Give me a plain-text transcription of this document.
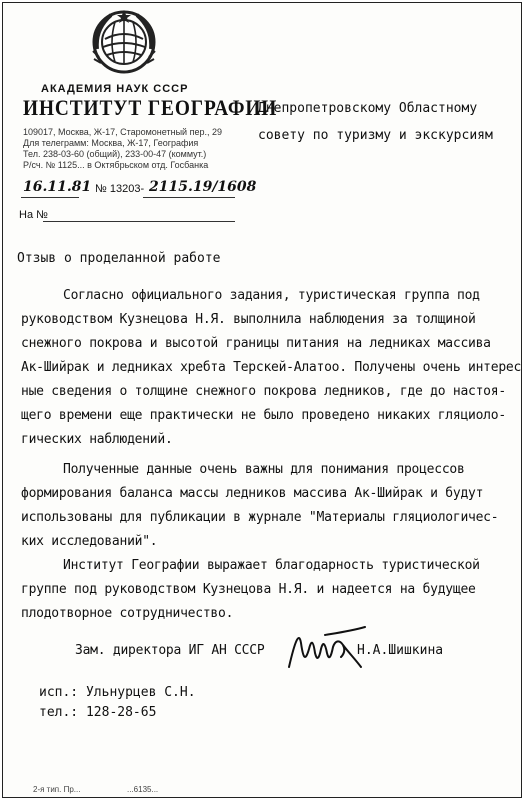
АКАДЕМИЯ НАУК СССР
ИНСТИТУТ ГЕОГРАФИИ
109017, Москва, Ж-17, Старомонетный пер., 29
Для телеграмм: Москва, Ж-17, География
Тел. 238-03-60 (общий), 233-00-47 (коммут.)
Р/сч. № 1125... в Октябрьском отд. Госбанка
16.11.81 № 13203- 2115.19/1608
На №
Днепропетровскому Областному
совету по туризму и экскурсиям
Отзыв о проделанной работе
Согласно официального задания, туристическая группа под
руководством Кузнецова Н.Я. выполнила наблюдения за толщиной
снежного покрова и высотой границы питания на ледниках массива
Ак-Шийрак и ледниках хребта Терскей-Алатоо. Получены очень интерес
ные сведения о толщине снежного покрова ледников, где до настоя-
щего времени еще практически не было проведено никаких гляциоло-
гических наблюдений.
Полученные данные очень важны для понимания процессов
формирования баланса массы ледников массива Ак-Шийрак и будут
использованы для публикации в журнале "Материалы гляциологичес-
ких исследований".
Институт Географии выражает благодарность туристической
группе под руководством Кузнецова Н.Я. и надеется на будущее
плодотворное сотрудничество.
Зам. директора ИГ АН СССР	Н.А.Шишкина
исп.: Ульнурцев С.Н.
тел.: 128-28-65
2-я тип. Пр...	...6135...
